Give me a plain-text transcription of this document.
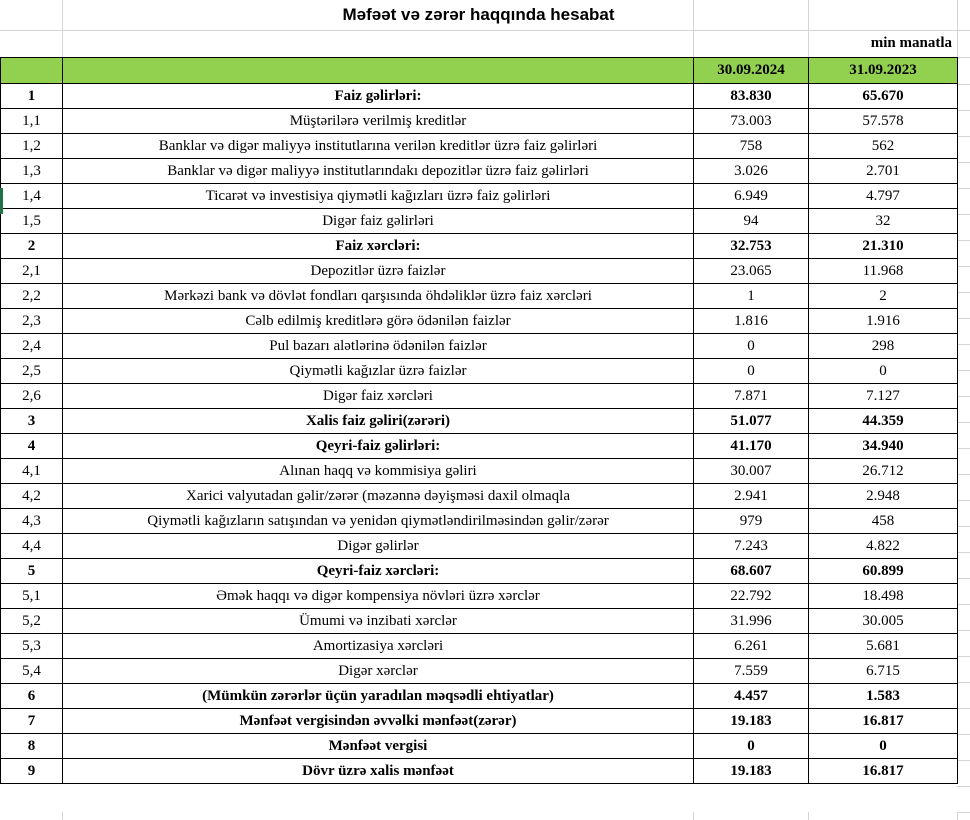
Məfəət və zərər haqqında hesabat
min manatla
		30.09.2024	31.09.2023
1	Faiz gəlirləri:	83.830	65.670
1,1	Müştərilərə verilmiş kreditlər	73.003	57.578
1,2	Banklar və digər maliyyə institutlarına verilən kreditlər üzrə faiz gəlirləri	758	562
1,3	Banklar və digər maliyyə institutlarındakı depozitlər üzrə faiz gəlirləri	3.026	2.701
1,4	Ticarət və investisiya qiymətli kağızları üzrə faiz gəlirləri	6.949	4.797
1,5	Digər faiz gəlirləri	94	32
2	Faiz xərcləri:	32.753	21.310
2,1	Depozitlər üzrə faizlər	23.065	11.968
2,2	Mərkəzi bank və dövlət fondları qarşısında öhdəliklər üzrə faiz xərcləri	1	2
2,3	Cəlb edilmiş kreditlərə görə ödənilən faizlər	1.816	1.916
2,4	Pul bazarı alətlərinə ödənilən faizlər	0	298
2,5	Qiymətli kağızlar üzrə faizlər	0	0
2,6	Digər faiz xərcləri	7.871	7.127
3	Xalis faiz gəliri(zərəri)	51.077	44.359
4	Qeyri-faiz gəlirləri:	41.170	34.940
4,1	Alınan haqq və kommisiya gəliri	30.007	26.712
4,2	Xarici valyutadan gəlir/zərər (məzənnə dəyişməsi daxil olmaqla	2.941	2.948
4,3	Qiymətli kağızların satışından və yenidən qiymətləndirilməsindən gəlir/zərər	979	458
4,4	Digər gəlirlər	7.243	4.822
5	Qeyri-faiz xərcləri:	68.607	60.899
5,1	Əmək haqqı və digər kompensiya növləri üzrə xərclər	22.792	18.498
5,2	Ümumi və inzibati xərclər	31.996	30.005
5,3	Amortizasiya xərcləri	6.261	5.681
5,4	Digər xərclər	7.559	6.715
6	(Mümkün zərərlər üçün yaradılan məqsədli ehtiyatlar)	4.457	1.583
7	Mənfəət vergisindən əvvəlki mənfəət(zərər)	19.183	16.817
8	Mənfəət vergisi	0	0
9	Dövr üzrə xalis mənfəət	19.183	16.817
